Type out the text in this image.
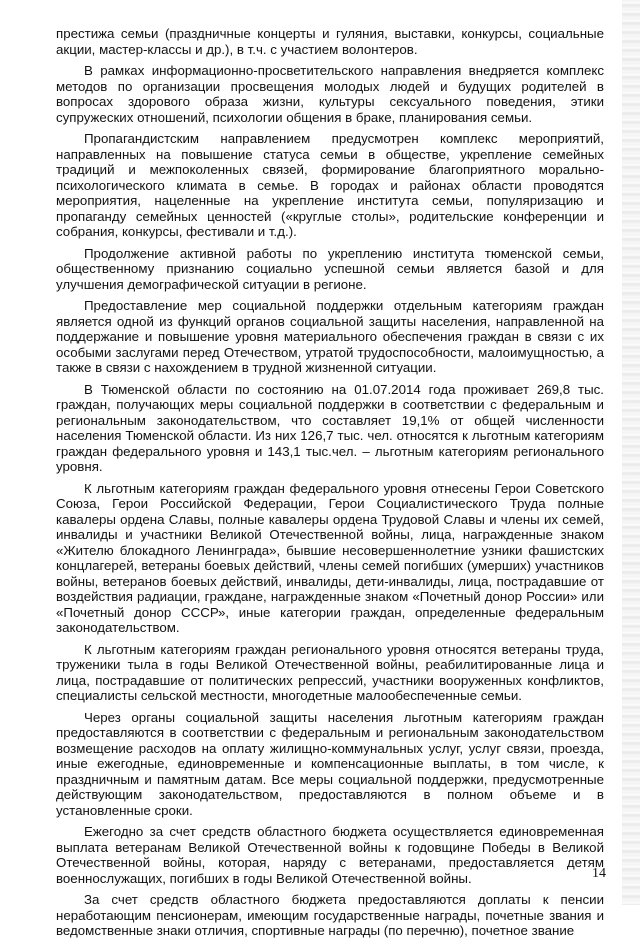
престижа семьи (праздничные концерты и гуляния, выставки, конкурсы, социальные акции, мастер-классы и др.), в т.ч. с участием волонтеров.

В рамках информационно-просветительского направления внедряется комплекс методов по организации просвещения молодых людей и будущих родителей в вопросах здорового образа жизни, культуры сексуального поведения, этики супружеских отношений, психологии общения в браке, планирования семьи.

Пропагандистским направлением предусмотрен комплекс мероприятий, направленных на повышение статуса семьи в обществе, укрепление семейных традиций и межпоколенных связей, формирование благоприятного морально-психологического климата в семье. В городах и районах области проводятся мероприятия, нацеленные на укрепление института семьи, популяризацию и пропаганду семейных ценностей («круглые столы», родительские конференции и собрания, конкурсы, фестивали и т.д.).

Продолжение активной работы по укреплению института тюменской семьи, общественному признанию социально успешной семьи является базой и для улучшения демографической ситуации в регионе.

Предоставление мер социальной поддержки отдельным категориям граждан является одной из функций органов социальной защиты населения, направленной на поддержание и повышение уровня материального обеспечения граждан в связи с их особыми заслугами перед Отечеством, утратой трудоспособности, малоимущностью, а также в связи с нахождением в трудной жизненной ситуации.

В Тюменской области по состоянию на 01.07.2014 года проживает 269,8 тыс. граждан, получающих меры социальной поддержки в соответствии с федеральным и региональным законодательством, что составляет 19,1% от общей численности населения Тюменской области. Из них 126,7 тыс. чел. относятся к льготным категориям граждан федерального уровня и 143,1 тыс.чел. – льготным категориям регионального уровня.

К льготным категориям граждан федерального уровня отнесены Герои Советского Союза, Герои Российской Федерации, Герои Социалистического Труда полные кавалеры ордена Славы, полные кавалеры ордена Трудовой Славы и члены их семей, инвалиды и участники Великой Отечественной войны, лица, награжденные знаком «Жителю блокадного Ленинграда», бывшие несовершеннолетние узники фашистских концлагерей, ветераны боевых действий, члены семей погибших (умерших) участников войны, ветеранов боевых действий, инвалиды, дети-инвалиды, лица, пострадавшие от воздействия радиации, граждане, награжденные знаком «Почетный донор России» или «Почетный донор СССР», иные категории граждан, определенные федеральным законодательством.

К льготным категориям граждан регионального уровня относятся ветераны труда, труженики тыла в годы Великой Отечественной войны, реабилитированные лица и лица, пострадавшие от политических репрессий, участники вооруженных конфликтов, специалисты сельской местности, многодетные малообеспеченные семьи.

Через органы социальной защиты населения льготным категориям граждан предоставляются в соответствии с федеральным и региональным законодательством возмещение расходов на оплату жилищно-коммунальных услуг, услуг связи, проезда, иные ежегодные, единовременные и компенсационные выплаты, в том числе, к праздничным и памятным датам. Все меры социальной поддержки, предусмотренные действующим законодательством, предоставляются в полном объеме и в установленные сроки.

Ежегодно за счет средств областного бюджета осуществляется единовременная выплата ветеранам Великой Отечественной войны к годовщине Победы в Великой Отечественной войны, которая, наряду с ветеранами, предоставляется детям военнослужащих, погибших в годы Великой Отечественной войны.

За счет средств областного бюджета предоставляются доплаты к пенсии неработающим пенсионерам, имеющим государственные награды, почетные звания и ведомственные знаки отличия, спортивные награды (по перечню), почетное звание

14
